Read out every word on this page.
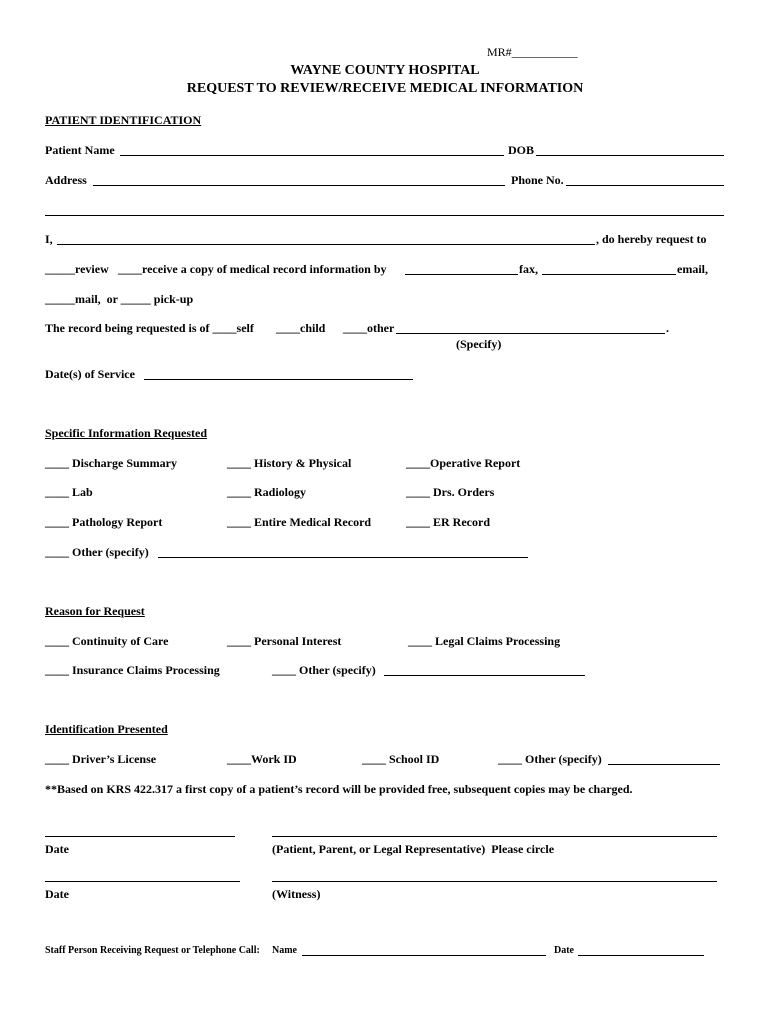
MR#___________
WAYNE COUNTY HOSPITAL
REQUEST TO REVIEW/RECEIVE MEDICAL INFORMATION
PATIENT IDENTIFICATION
Patient Name	DOB
Address	Phone No.
I,	, do hereby request to
_____review ____receive a copy of medical record information by	fax,	email,
_____mail,  or _____ pick-up
The record being requested is of ____self ____child ____other	.
(Specify)
Date(s) of Service
Specific Information Requested
____ Discharge Summary	____ History & Physical	____Operative Report
____ Lab	____ Radiology	____ Drs. Orders
____ Pathology Report	____ Entire Medical Record	____ ER Record
____ Other (specify)
Reason for Request
____ Continuity of Care	____ Personal Interest	____ Legal Claims Processing
____ Insurance Claims Processing	____ Other (specify)
Identification Presented
____ Driver’s License	____Work ID	____ School ID	____ Other (specify)
**Based on KRS 422.317 a first copy of a patient’s record will be provided free, subsequent copies may be charged.
Date	(Patient, Parent, or Legal Representative)  Please circle
Date	(Witness)
Staff Person Receiving Request or Telephone Call: Name	Date
